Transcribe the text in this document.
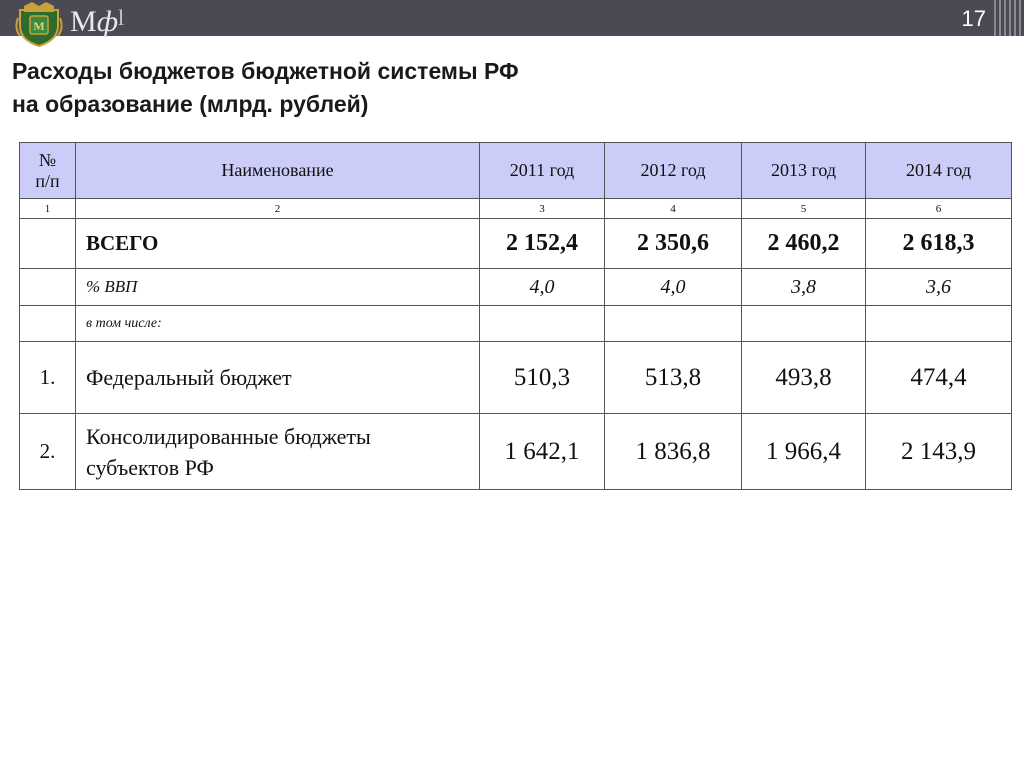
М $Мф^l$	17
Расходы бюджетов бюджетной системы РФ
на образование (млрд. рублей)
№
п/п	Наименование	2011 год	2012 год	2013 год	2014 год
1	2	3	4	5	6
	ВСЕГО	2 152,4	2 350,6	2 460,2	2 618,3
	% ВВП	4,0	4,0	3,8	3,6
	в том числе:				
1.	Федеральный бюджет	510,3	513,8	493,8	474,4
2.	Консолидированные бюджеты
субъектов РФ	1 642,1	1 836,8	1 966,4	2 143,9
